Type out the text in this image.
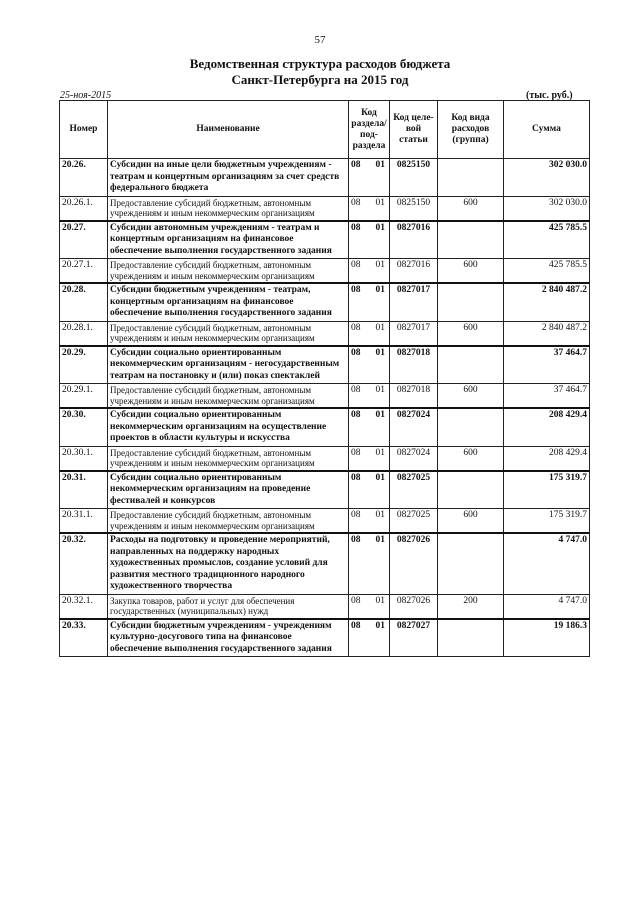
57
Ведомственная структура расходов бюджета
Санкт-Петербурга на 2015 год
25-ноя-2015	(тыс. руб.)
Номер	Наименование	Код раздела/ под- раздела	Код целе- вой статьи	Код вида расходов (группа)	Сумма
20.26.	Субсидии на иные цели бюджетным учреждениям - театрам и концертным организациям за счет средств федерального бюджета	08 01	0825150		302 030.0
20.26.1.	Предоставление субсидий бюджетным, автономным учреждениям и иным некоммерческим организациям	08 01	0825150	600	302 030.0
20.27.	Субсидии автономным учреждениям - театрам и концертным организациям на финансовое обеспечение выполнения государственного задания	08 01	0827016		425 785.5
20.27.1.	Предоставление субсидий бюджетным, автономным учреждениям и иным некоммерческим организациям	08 01	0827016	600	425 785.5
20.28.	Субсидии бюджетным учреждениям - театрам, концертным организациям на финансовое обеспечение выполнения государственного задания	08 01	0827017		2 840 487.2
20.28.1.	Предоставление субсидий бюджетным, автономным учреждениям и иным некоммерческим организациям	08 01	0827017	600	2 840 487.2
20.29.	Субсидии социально ориентированным некоммерческим организациям - негосударственным театрам на постановку и (или) показ спектаклей	08 01	0827018		37 464.7
20.29.1.	Предоставление субсидий бюджетным, автономным учреждениям и иным некоммерческим организациям	08 01	0827018	600	37 464.7
20.30.	Субсидии социально ориентированным некоммерческим организациям на осуществление проектов в области культуры и искусства	08 01	0827024		208 429.4
20.30.1.	Предоставление субсидий бюджетным, автономным учреждениям и иным некоммерческим организациям	08 01	0827024	600	208 429.4
20.31.	Субсидии социально ориентированным некоммерческим организациям на проведение фестивалей и конкурсов	08 01	0827025		175 319.7
20.31.1.	Предоставление субсидий бюджетным, автономным учреждениям и иным некоммерческим организациям	08 01	0827025	600	175 319.7
20.32.	Расходы на подготовку и проведение мероприятий, направленных на поддержку народных художественных промыслов, создание условий для развития местного традиционного народного художественного творчества	08 01	0827026		4 747.0
20.32.1.	Закупка товаров, работ и услуг для обеспечения государственных (муниципальных) нужд	08 01	0827026	200	4 747.0
20.33.	Субсидии бюджетным учреждениям - учреждениям культурно-досугового типа на финансовое обеспечение выполнения государственного задания	08 01	0827027		19 186.3
